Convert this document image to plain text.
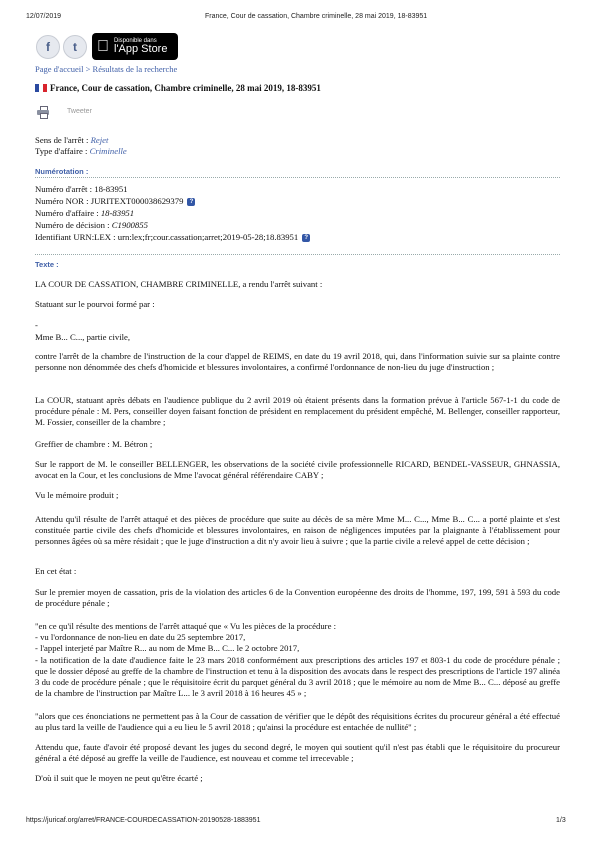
12/07/2019	France, Cour de cassation, Chambre criminelle, 28 mai 2019, 18-83951
f t	Disponible dans
l'App Store
Page d'accueil > Résultats de la recherche
France, Cour de cassation, Chambre criminelle, 28 mai 2019, 18-83951
Tweeter
Sens de l'arrêt : Rejet
Type d'affaire : Criminelle
Numérotation :
Numéro d'arrêt : 18-83951
Numéro NOR : JURITEXT000038629379 ?
Numéro d'affaire : 18-83951
Numéro de décision : C1900855
Identifiant URN:LEX : urn:lex;fr;cour.cassation;arret;2019-05-28;18.83951 ?
Texte :
LA COUR DE CASSATION, CHAMBRE CRIMINELLE, a rendu l'arrêt suivant :
Statuant sur le pourvoi formé par :
-
Mme B... C..., partie civile,
contre l'arrêt de la chambre de l'instruction de la cour d'appel de REIMS, en date du 19 avril 2018, qui, dans l'information suivie sur sa plainte contre personne non dénommée des chefs d'homicide et blessures involontaires, a confirmé l'ordonnance de non-lieu du juge d'instruction ;
La COUR, statuant après débats en l'audience publique du 2 avril 2019 où étaient présents dans la formation prévue à l'article 567-1-1 du code de procédure pénale : M. Pers, conseiller doyen faisant fonction de président en remplacement du président empêché, M. Bellenger, conseiller rapporteur, M. Fossier, conseiller de la chambre ;
Greffier de chambre : M. Bétron ;
Sur le rapport de M. le conseiller BELLENGER, les observations de la société civile professionnelle RICARD, BENDEL-VASSEUR, GHNASSIA, avocat en la Cour, et les conclusions de Mme l'avocat général référendaire CABY ;
Vu le mémoire produit ;
Attendu qu'il résulte de l'arrêt attaqué et des pièces de procédure que suite au décès de sa mère Mme M... C..., Mme B... C... a porté plainte et s'est constituée partie civile des chefs d'homicide et blessures involontaires, en raison de négligences imputées par la plaignante à l'établissement pour personnes âgées où sa mère résidait ; que le juge d'instruction a dit n'y avoir lieu à suivre ; que la partie civile a relevé appel de cette décision ;
En cet état :
Sur le premier moyen de cassation, pris de la violation des articles 6 de la Convention européenne des droits de l'homme, 197, 199, 591 à 593 du code de procédure pénale ;
"en ce qu'il résulte des mentions de l'arrêt attaqué que « Vu les pièces de la procédure :
- vu l'ordonnance de non-lieu en date du 25 septembre 2017,
- l'appel interjeté par Maître R... au nom de Mme B... C... le 2 octobre 2017,
- la notification de la date d'audience faite le 23 mars 2018 conformément aux prescriptions des articles 197 et 803-1 du code de procédure pénale ; que le dossier déposé au greffe de la chambre de l'instruction et tenu à la disposition des avocats dans le respect des prescriptions de l'article 197 alinéa 3 du code de procédure pénale ; que le réquisitoire écrit du parquet général du 3 avril 2018 ; que le mémoire au nom de Mme B... C... déposé au greffe de la chambre de l'instruction par Maître L... le 3 avril 2018 à 16 heures 45 » ;
"alors que ces énonciations ne permettent pas à la Cour de cassation de vérifier que le dépôt des réquisitions écrites du procureur général a été effectué au plus tard la veille de l'audience qui a eu lieu le 5 avril 2018 ; qu'ainsi la procédure est entachée de nullité" ;
Attendu que, faute d'avoir été proposé devant les juges du second degré, le moyen qui soutient qu'il n'est pas établi que le réquisitoire du procureur général a été déposé au greffe la veille de l'audience, est nouveau et comme tel irrecevable ;
D'où il suit que le moyen ne peut qu'être écarté ;
https://juricaf.org/arret/FRANCE-COURDECASSATION-20190528-1883951	1/3
